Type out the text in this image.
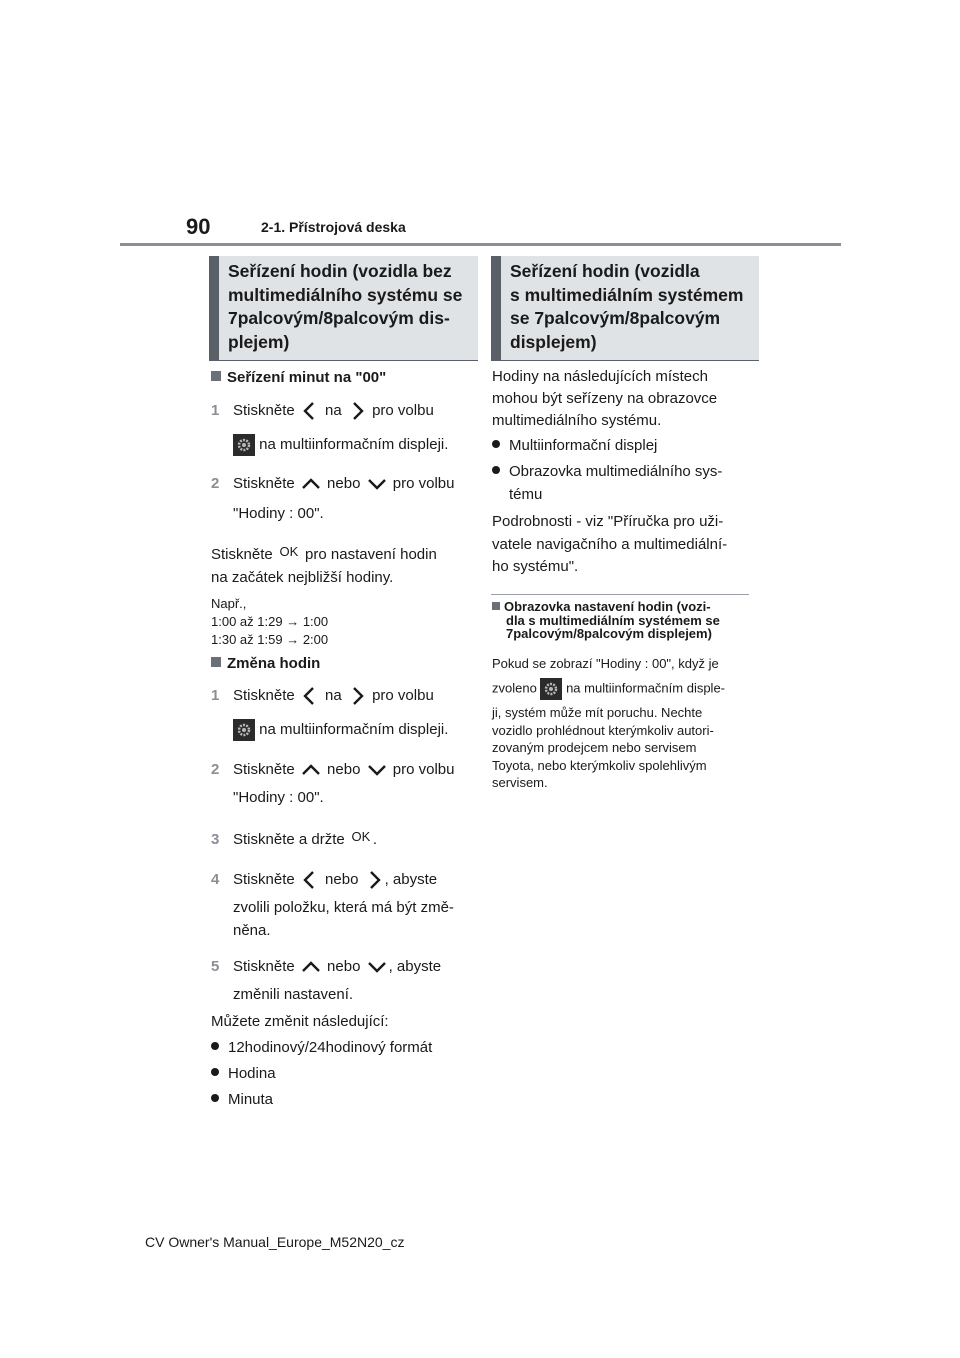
90	2-1. Přístrojová deska
Seřízení hodin (vozidla bez
multimediálního systému se
7palcovým/8palcovým dis-
plejem)
Seřízení minut na "00"
1 Stiskněte na pro volbu
na multiinformačním displeji.
2 Stiskněte nebo pro volbu
"Hodiny : 00".
Stiskněte OK pro nastavení hodin
na začátek nejbližší hodiny.
Např.,
1:00 až 1:29 → 1:00
1:30 až 1:59 → 2:00
Změna hodin
1 Stiskněte na pro volbu
na multiinformačním displeji.
2 Stiskněte nebo pro volbu
"Hodiny : 00".
3 Stiskněte a držte OK .
4 Stiskněte nebo , abyste
zvolili položku, která má být změ-
něna.
5 Stiskněte nebo , abyste
změnili nastavení.
Můžete změnit následující:
12hodinový/24hodinový formát
Hodina
Minuta
Seřízení hodin (vozidla
s multimediálním systémem
se 7palcovým/8palcovým
displejem)
Hodiny na následujících místech
mohou být seřízeny na obrazovce
multimediálního systému.
Multiinformační displej
Obrazovka multimediálního sys-
tému
Podrobnosti - viz "Příručka pro uži-
vatele navigačního a multimediální-
ho systému".
Obrazovka nastavení hodin (vozi-
dla s multimediálním systémem se
7palcovým/8palcovým displejem)
Pokud se zobrazí "Hodiny : 00", když je
zvoleno na multiinformačním disple-
ji, systém může mít poruchu. Nechte
vozidlo prohlédnout kterýmkoliv autori-
zovaným prodejcem nebo servisem
Toyota, nebo kterýmkoliv spolehlivým
servisem.
CV Owner's Manual_Europe_M52N20_cz
